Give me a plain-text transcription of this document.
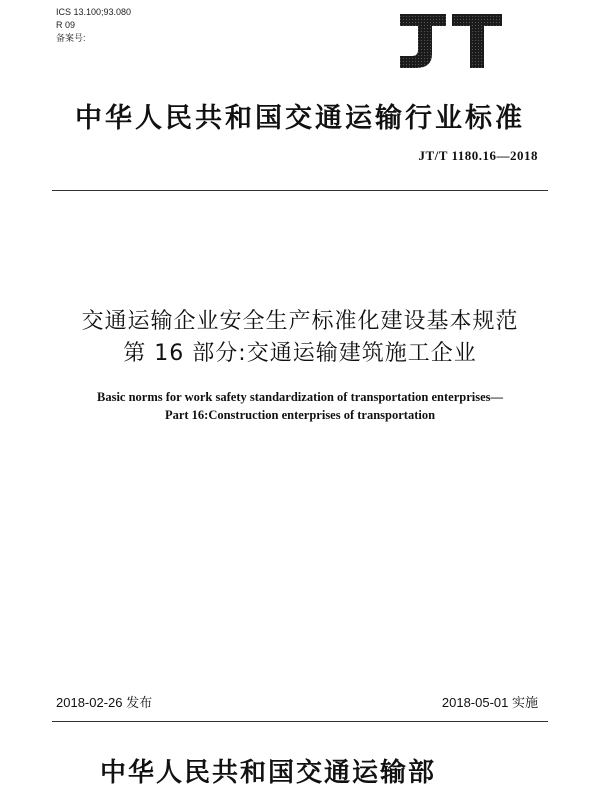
ICS 13.100;93.080
R 09
备案号:
JT
中华人民共和国交通运输行业标准
JT/T 1180.16—2018
交通运输企业安全生产标准化建设基本规范
第 16 部分:交通运输建筑施工企业
Basic norms for work safety standardization of transportation enterprises—
Part 16:Construction enterprises of transportation
2018-02-26 发布	2018-05-01 实施
中华人民共和国交通运输部
